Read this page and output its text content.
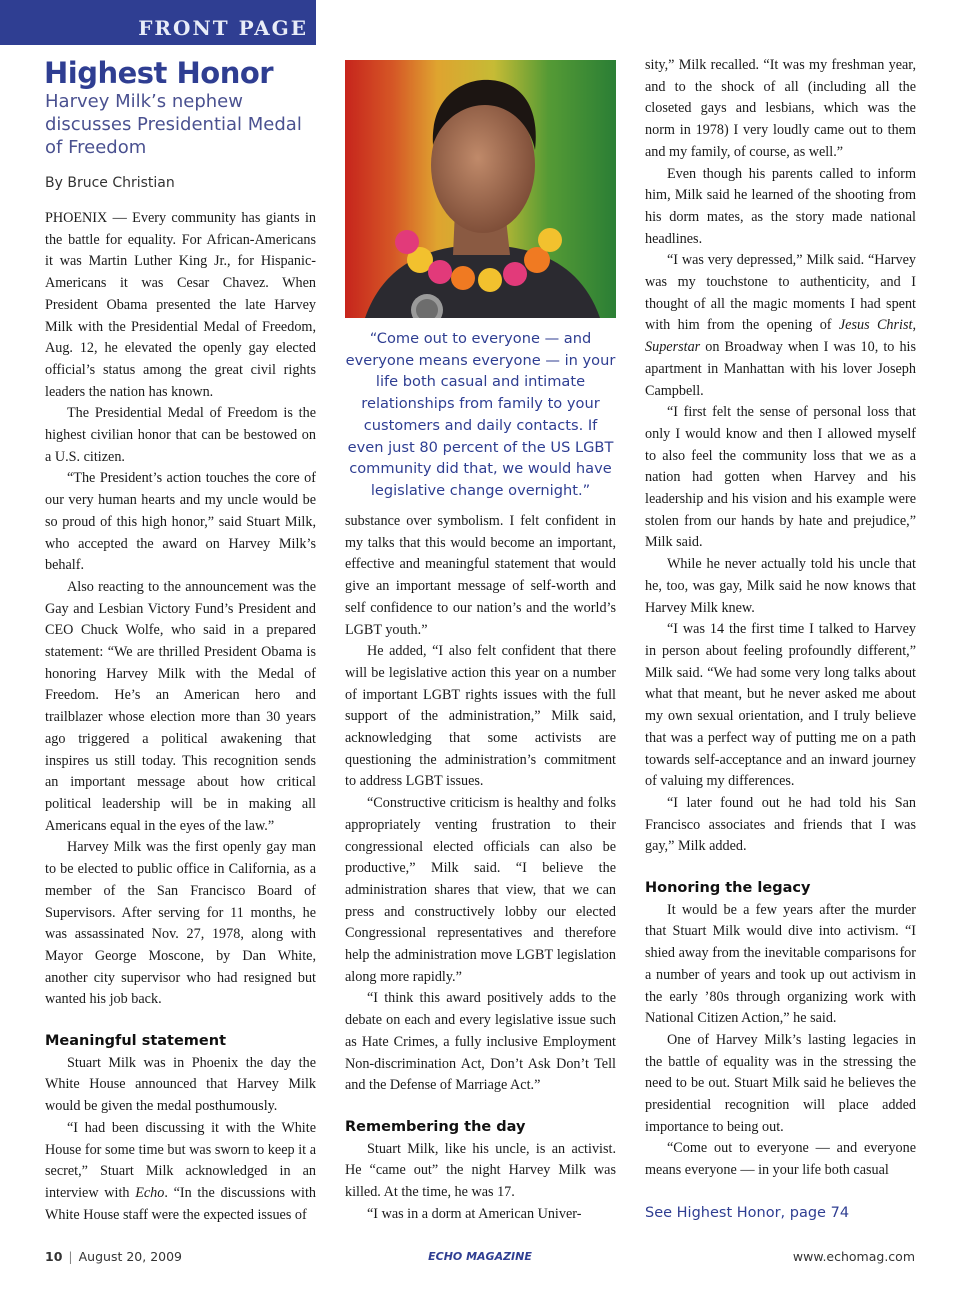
FRONT PAGE
Highest Honor
Harvey Milk’s nephew discusses Presidential Medal of Freedom
By Bruce Christian

PHOENIX — Every community has giants in the battle for equality. For African-Americans it was Martin Luther King Jr., for Hispanic-Americans it was Cesar Chavez. When President Obama presented the late Harvey Milk with the Presidential Medal of Freedom, Aug. 12, he elevated the openly gay elected official’s status among the great civil rights leaders the nation has known.

The Presidential Medal of Freedom is the highest civilian honor that can be bestowed on a U.S. citizen.

“The President’s action touches the core of our very human hearts and my uncle would be so proud of this high honor,” said Stuart Milk, who accepted the award on Harvey Milk’s behalf.

Also reacting to the announcement was the Gay and Lesbian Victory Fund’s President and CEO Chuck Wolfe, who said in a prepared statement: “We are thrilled President Obama is honoring Harvey Milk with the Medal of Freedom. He’s an American hero and trailblazer whose election more than 30 years ago triggered a political awakening that inspires us still today. This recognition sends an important message about how critical political leadership will be in making all Americans equal in the eyes of the law.”

Harvey Milk was the first openly gay man to be elected to public office in California, as a member of the San Francisco Board of Supervisors. After serving for 11 months, he was assassinated Nov. 27, 1978, along with Mayor George Moscone, by Dan White, another city supervisor who had resigned but wanted his job back.

Meaningful statement

Stuart Milk was in Phoenix the day the White House announced that Harvey Milk would be given the medal posthumously.

“I had been discussing it with the White House for some time but was sworn to keep it a secret,” Stuart Milk acknowledged in an interview with Echo. “In the discussions with White House staff were the expected issues of

“Come out to everyone — and everyone means everyone — in your life both casual and intimate relationships from family to your customers and daily contacts. If even just 80 percent of the US LGBT community did that, we would have legislative change overnight.”

substance over symbolism. I felt confident in my talks that this would become an important, effective and meaningful statement that would give an important message of self-worth and self confidence to our nation’s and the world’s LGBT youth.”

He added, “I also felt confident that there will be legislative action this year on a number of important LGBT rights issues with the full support of the administration,” Milk said, acknowledging that some activists are questioning the administration’s commitment to address LGBT issues.

“Constructive criticism is healthy and folks appropriately venting frustration to their congressional elected officials can also be productive,” Milk said. “I believe the administration shares that view, that we can press and constructively lobby our elected Congressional representatives and therefore help the administration move LGBT legislation along more rapidly.”

“I think this award positively adds to the debate on each and every legislative issue such as Hate Crimes, a fully inclusive Employment Non-discrimination Act, Don’t Ask Don’t Tell and the Defense of Marriage Act.”

Remembering the day

Stuart Milk, like his uncle, is an activist. He “came out” the night Harvey Milk was killed. At the time, he was 17.

“I was in a dorm at American Univer-

sity,” Milk recalled. “It was my freshman year, and to the shock of all (including all the closeted gays and lesbians, which was the norm in 1978) I very loudly came out to them and my family, of course, as well.”

Even though his parents called to inform him, Milk said he learned of the shooting from his dorm mates, as the story made national headlines.

“I was very depressed,” Milk said. “Harvey was my touchstone to authenticity, and I thought of all the magic moments I had spent with him from the opening of Jesus Christ, Superstar on Broadway when I was 10, to his apartment in Manhattan with his lover Joseph Campbell.

“I first felt the sense of personal loss that only I would know and then I allowed myself to also feel the community loss that we as a nation had gotten when Harvey and his leadership and his vision and his example were stolen from our hands by hate and prejudice,” Milk said.

While he never actually told his uncle that he, too, was gay, Milk said he now knows that Harvey Milk knew.

“I was 14 the first time I talked to Harvey in person about feeling profoundly different,” Milk said. “We had some very long talks about what that meant, but he never asked me about my own sexual orientation, and I truly believe that was a perfect way of putting me on a path towards self-acceptance and an inward journey of valuing my differences.

“I later found out he had told his San Francisco associates and friends that I was gay,” Milk added.

Honoring the legacy

It would be a few years after the murder that Stuart Milk would dive into activism. “I shied away from the inevitable comparisons for a number of years and took up out activism in the early ’80s through organizing work with National Citizen Action,” he said.

One of Harvey Milk’s lasting legacies in the battle of equality was in the stressing the need to be out. Stuart Milk said he believes the presidential recognition will place added importance to being out.

“Come out to everyone — and everyone means everyone — in your life both casual

See Highest Honor, page 74
10 | August 20, 2009	ECHO MAGAZINE	www.echomag.com
